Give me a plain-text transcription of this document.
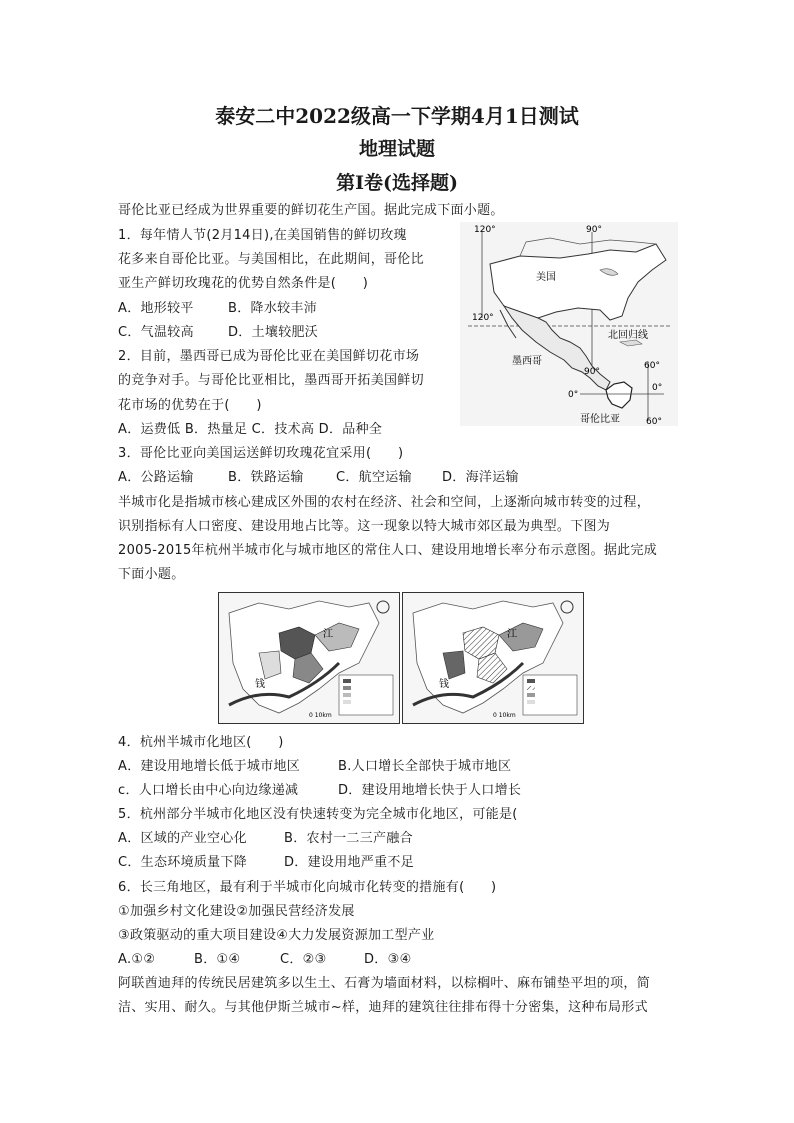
泰安二中2022级高一下学期4月1日测试
地理试题
第I卷(选择题)
哥伦比亚已经成为世界重要的鲜切花生产国。据此完成下面小题。
1．每年情人节(2月14日),在美国销售的鲜切玫瑰
花多来自哥伦比亚。与美国相比，在此期间，哥伦比
亚生产鲜切玫瑰花的优势自然条件是(　　)
A．地形较平	B．降水较丰沛
C．气温较高	D．土壤较肥沃
2．目前，墨西哥已成为哥伦比亚在美国鲜切花市场
的竞争对手。与哥伦比亚相比，墨西哥开拓美国鲜切
花市场的优势在于(　　)
A．运费低 B．热量足 C．技术高 D．品种全
3．哥伦比亚向美国运送鲜切玫瑰花宜采用(　　)
A．公路运输	B．铁路运输 C．航空运输 D．海洋运输
120°	90°
120°
90°
60°
0°
0°
60°
美国
北回归线
墨西哥
哥伦比亚
半城市化是指城市核心建成区外围的农村在经济、社会和空间，上逐渐向城市转变的过程，
识别指标有人口密度、建设用地占比等。这一现象以特大城市郊区最为典型。下图为
2005-2015年杭州半城市化与城市地区的常住人口、建设用地增长率分布示意图。据此完成
下面小题。
江
钱
0 10km
江
钱
0 10km
4．杭州半城市化地区(　　)
A．建设用地增长低于城市地区	B.人口增长全部快于城市地区
c．人口增长由中心向边缘递减	D．建设用地增长快于人口增长
5．杭州部分半城市化地区没有快速转变为完全城市化地区，可能是(
A．区域的产业空心化	B．农村一二三产融合
C．生态环境质量下降	D．建设用地严重不足
6．长三角地区，最有利于半城市化向城市化转变的措施有(　　)
①加强乡村文化建设②加强民营经济发展
③政策驱动的重大项目建设④大力发展资源加工型产业
A.①②	B．①④	C．②③	D．③④
阿联酋迪拜的传统民居建筑多以生土、石膏为墙面材料，以棕榈叶、麻布铺垫平坦的项，简
洁、实用、耐久。与其他伊斯兰城市~样，迪拜的建筑往往排布得十分密集，这种布局形式
